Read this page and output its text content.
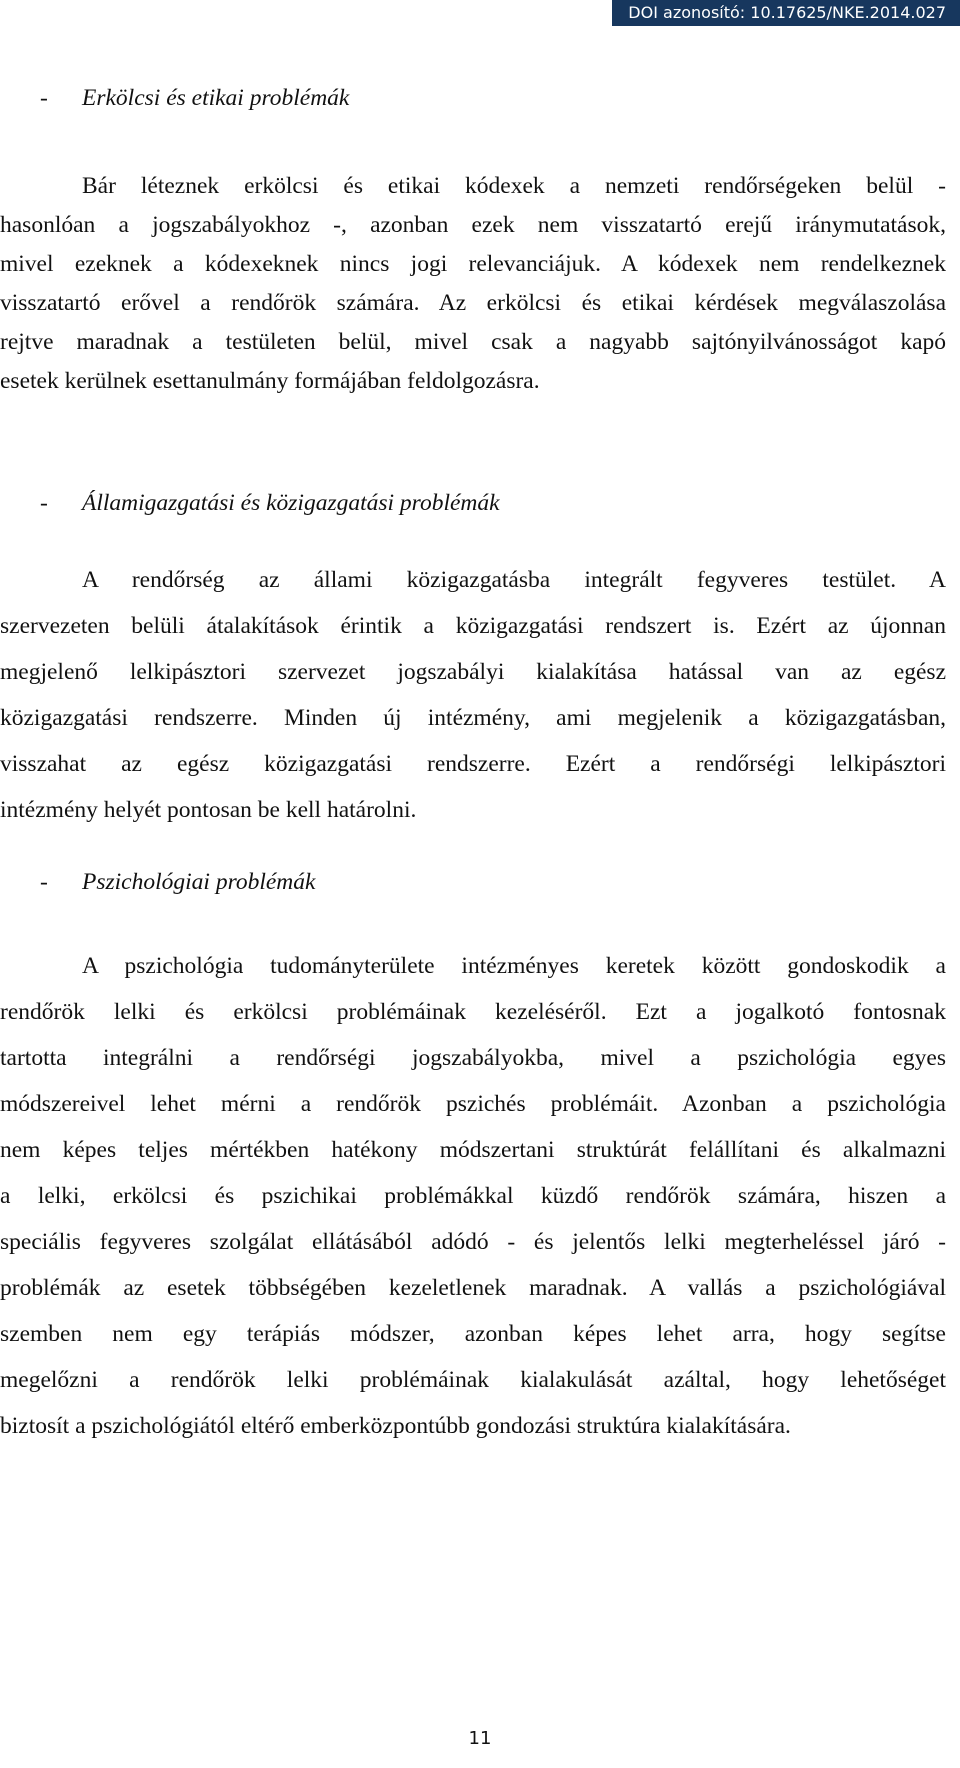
DOI azonosító: 10.17625/NKE.2014.027
- Erkölcsi és etikai problémák
Bár léteznek erkölcsi és etikai kódexek a nemzeti rendőrségeken belül -
hasonlóan a jogszabályokhoz -, azonban ezek nem visszatartó erejű iránymutatások,
mivel ezeknek a kódexeknek nincs jogi relevanciájuk. A kódexek nem rendelkeznek
visszatartó erővel a rendőrök számára. Az erkölcsi és etikai kérdések megválaszolása
rejtve maradnak a testületen belül, mivel csak a nagyabb sajtónyilvánosságot kapó
esetek kerülnek esettanulmány formájában feldolgozásra.
- Államigazgatási és közigazgatási problémák
A rendőrség az állami közigazgatásba integrált fegyveres testület. A
szervezeten belüli átalakítások érintik a közigazgatási rendszert is. Ezért az újonnan
megjelenő lelkipásztori szervezet jogszabályi kialakítása hatással van az egész
közigazgatási rendszerre. Minden új intézmény, ami megjelenik a közigazgatásban,
visszahat az egész közigazgatási rendszerre. Ezért a rendőrségi lelkipásztori
intézmény helyét pontosan be kell határolni.
- Pszichológiai problémák
A pszichológia tudományterülete intézményes keretek között gondoskodik a
rendőrök lelki és erkölcsi problémáinak kezeléséről. Ezt a jogalkotó fontosnak
tartotta integrálni a rendőrségi jogszabályokba, mivel a pszichológia egyes
módszereivel lehet mérni a rendőrök pszichés problémáit. Azonban a pszichológia
nem képes teljes mértékben hatékony módszertani struktúrát felállítani és alkalmazni
a lelki, erkölcsi és pszichikai problémákkal küzdő rendőrök számára, hiszen a
speciális fegyveres szolgálat ellátásából adódó - és jelentős lelki megterheléssel járó -
problémák az esetek többségében kezeletlenek maradnak. A vallás a pszichológiával
szemben nem egy terápiás módszer, azonban képes lehet arra, hogy segítse
megelőzni a rendőrök lelki problémáinak kialakulását azáltal, hogy lehetőséget
biztosít a pszichológiától eltérő emberközpontúbb gondozási struktúra kialakítására.
11
